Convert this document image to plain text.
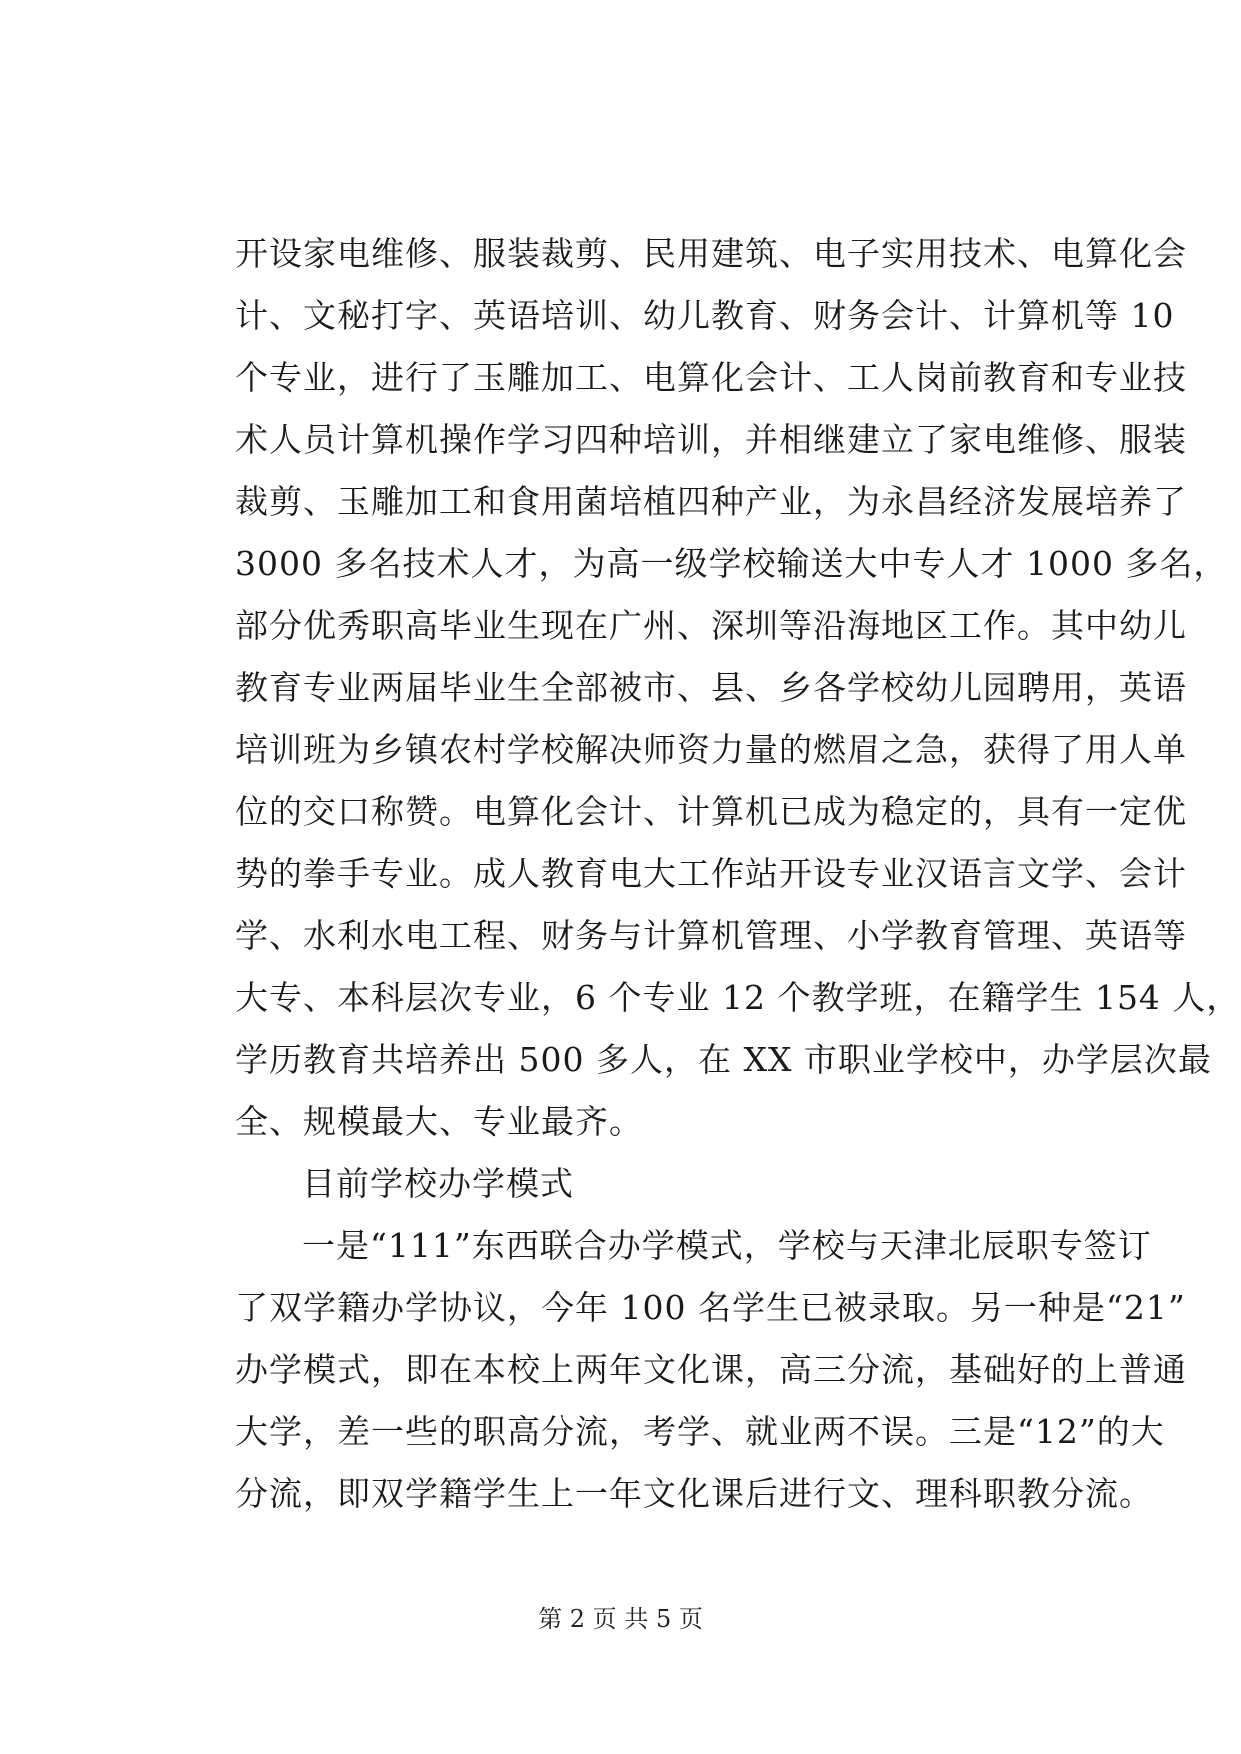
开设家电维修、服装裁剪、民用建筑、电子实用技术、电算化会
计、文秘打字、英语培训、幼儿教育、财务会计、计算机等 10
个专业，进行了玉雕加工、电算化会计、工人岗前教育和专业技
术人员计算机操作学习四种培训，并相继建立了家电维修、服装
裁剪、玉雕加工和食用菌培植四种产业，为永昌经济发展培养了
3000 多名技术人才，为高一级学校输送大中专人才 1000 多名，
部分优秀职高毕业生现在广州、深圳等沿海地区工作。其中幼儿
教育专业两届毕业生全部被市、县、乡各学校幼儿园聘用，英语
培训班为乡镇农村学校解决师资力量的燃眉之急，获得了用人单
位的交口称赞。电算化会计、计算机已成为稳定的，具有一定优
势的拳手专业。成人教育电大工作站开设专业汉语言文学、会计
学、水利水电工程、财务与计算机管理、小学教育管理、英语等
大专、本科层次专业，6 个专业 12 个教学班，在籍学生 154 人，
学历教育共培养出 500 多人，在 XX 市职业学校中，办学层次最
全、规模最大、专业最齐。
目前学校办学模式
一是“111”东西联合办学模式，学校与天津北辰职专签订
了双学籍办学协议，今年 100 名学生已被录取。另一种是“21”
办学模式，即在本校上两年文化课，高三分流，基础好的上普通
大学，差一些的职高分流，考学、就业两不误。三是“12”的大
分流，即双学籍学生上一年文化课后进行文、理科职教分流。
第 2 页 共 5 页
